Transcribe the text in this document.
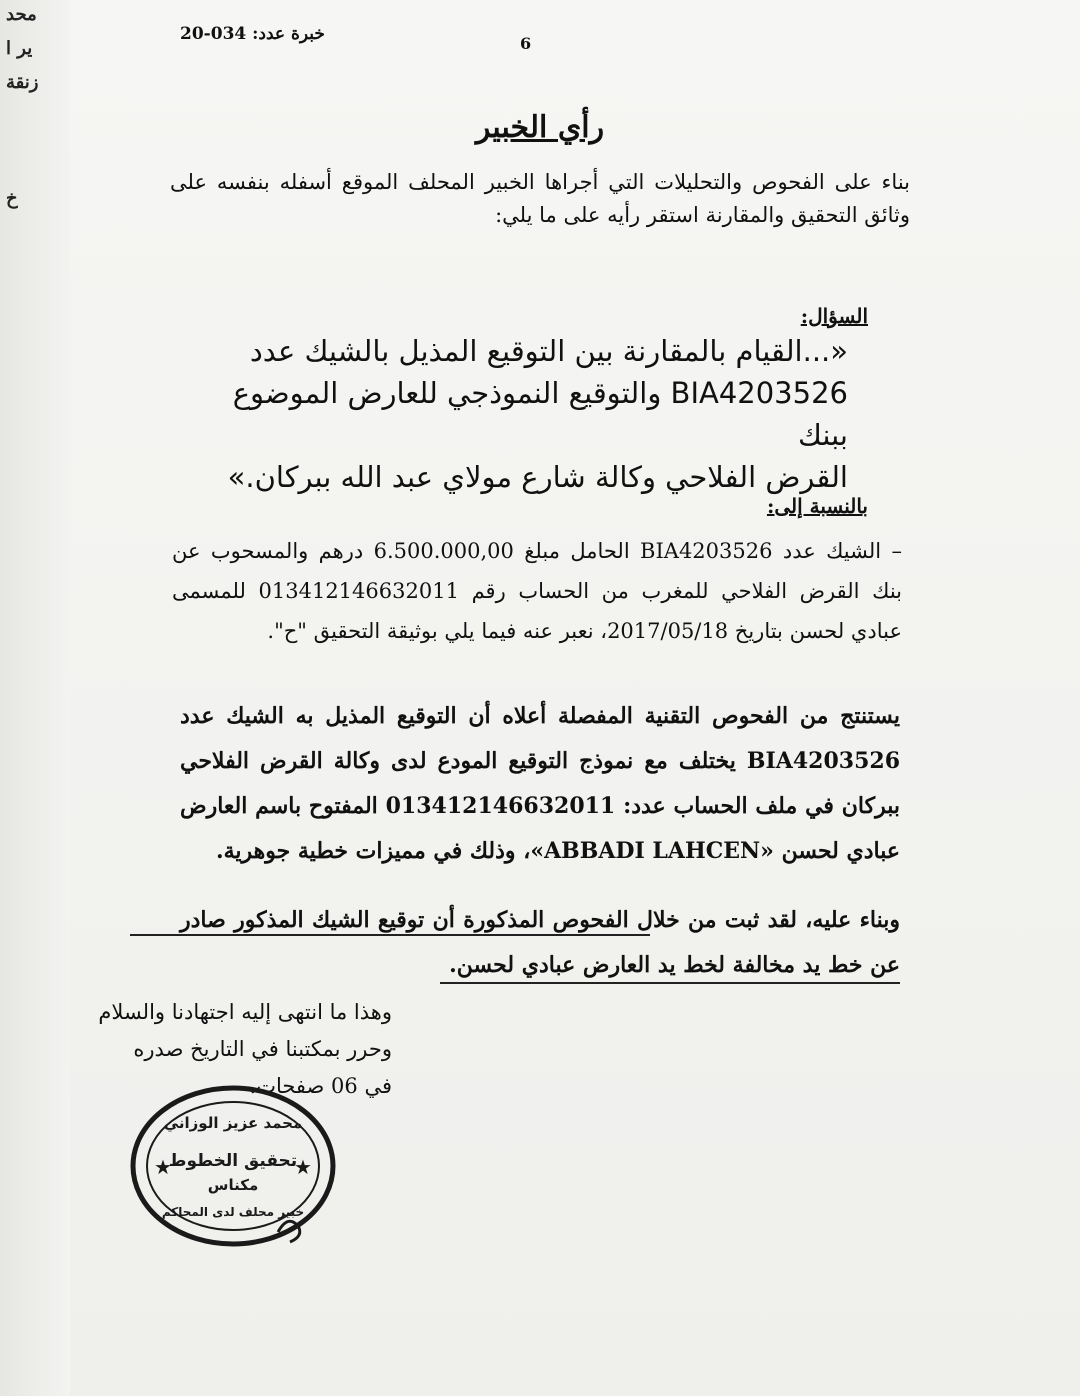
محد
ير ا
زنقة
خ
خبرة عدد: 034-20	6
رأي الخبير
بناء على الفحوص والتحليلات التي أجراها الخبير المحلف الموقع أسفله بنفسه على وثائق التحقيق والمقارنة استقر رأيه على ما يلي:
السؤال:
«...القيام بالمقارنة بين التوقيع المذيل بالشيك عدد
BIA4203526 والتوقيع النموذجي للعارض الموضوع ببنك
القرض الفلاحي وكالة شارع مولاي عبد الله ببركان.»
بالنسبة إلى:
– الشيك عدد BIA4203526 الحامل مبلغ 6.500.000,00 درهم والمسحوب عن بنك القرض الفلاحي للمغرب من الحساب رقم 013412146632011 للمسمى عبادي لحسن بتاريخ 2017/05/18، نعبر عنه فيما يلي بوثيقة التحقيق "ح".
يستنتج من الفحوص التقنية المفصلة أعلاه أن التوقيع المذيل به الشيك عدد BIA4203526 يختلف مع نموذج التوقيع المودع لدى وكالة القرض الفلاحي ببركان في ملف الحساب عدد: 013412146632011 المفتوح باسم العارض عبادي لحسن «ABBADI LAHCEN»، وذلك في مميزات خطية جوهرية.
وبناء عليه، لقد ثبت من خلال الفحوص المذكورة أن توقيع الشيك المذكور صادر عن خط يد مخالفة لخط يد العارض عبادي لحسن.
وهذا ما انتهى إليه اجتهادنا والسلام
وحرر بمكتبنا في التاريخ صدره
في 06 صفحات.
محمد عزيز الوزاني
تحقيق الخطوط
مكناس
خبير محلف لدى المحاكم
★	★
